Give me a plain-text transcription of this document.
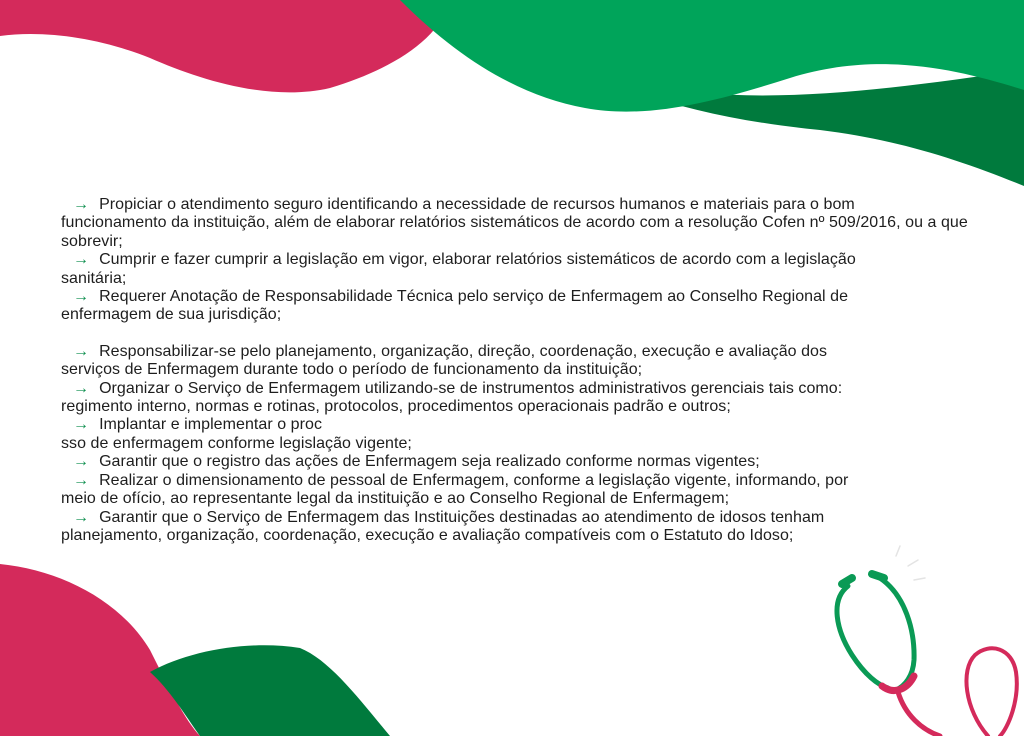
→ Propiciar o atendimento seguro identificando a necessidade de recursos humanos e materiais para o bom
funcionamento da instituição, além de elaborar relatórios sistemáticos de acordo com a resolução Cofen nº 509/2016, ou a que sobrevir;

→ Cumprir e fazer cumprir a legislação em vigor, elaborar relatórios sistemáticos de acordo com a legislação
sanitária;

→ Requerer Anotação de Responsabilidade Técnica pelo serviço de Enfermagem ao Conselho Regional de
enfermagem de sua jurisdição;

→ Responsabilizar-se pelo planejamento, organização, direção, coordenação, execução e avaliação dos
serviços de Enfermagem durante todo o período de funcionamento da instituição;

→ Organizar o Serviço de Enfermagem utilizando-se de instrumentos administrativos gerenciais tais como:
regimento interno, normas e rotinas, protocolos, procedimentos operacionais padrão e outros;

→ Implantar e implementar o proc
sso de enfermagem conforme legislação vigente;

→ Garantir que o registro das ações de Enfermagem seja realizado conforme normas vigentes;

→ Realizar o dimensionamento de pessoal de Enfermagem, conforme a legislação vigente, informando, por
meio de ofício, ao representante legal da instituição e ao Conselho Regional de Enfermagem;

→ Garantir que o Serviço de Enfermagem das Instituições destinadas ao atendimento de idosos tenham
planejamento, organização, coordenação, execução e avaliação compatíveis com o Estatuto do Idoso;
